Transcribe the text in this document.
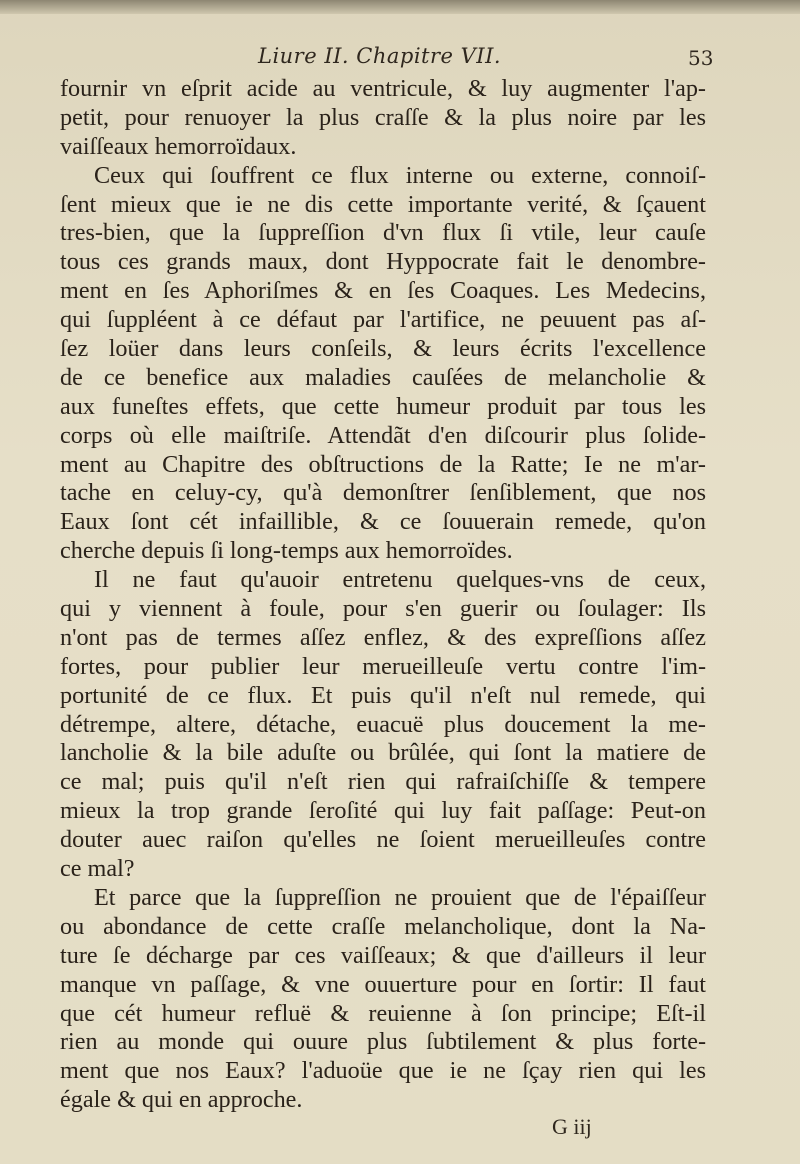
Liure II. Chapitre VII.	53
fournir vn eſprit acide au ventricule, & luy augmenter l'ap-
petit, pour renuoyer la plus craſſe & la plus noire par les
vaiſſeaux hemorroïdaux.
Ceux qui ſouffrent ce flux interne ou externe, connoiſ-
ſent mieux que ie ne dis cette importante verité, & ſçauent
tres-bien, que la ſuppreſſion d'vn flux ſi vtile, leur cauſe
tous ces grands maux, dont Hyppocrate fait le denombre-
ment en ſes Aphoriſmes & en ſes Coaques. Les Medecins,
qui ſuppléent à ce défaut par l'artifice, ne peuuent pas aſ-
ſez loüer dans leurs conſeils, & leurs écrits l'excellence
de ce benefice aux maladies cauſées de melancholie &
aux funeſtes effets, que cette humeur produit par tous les
corps où elle maiſtriſe. Attendãt d'en diſcourir plus ſolide-
ment au Chapitre des obſtructions de la Ratte; Ie ne m'ar-
tache en celuy-cy, qu'à demonſtrer ſenſiblement, que nos
Eaux ſont cét infaillible, & ce ſouuerain remede, qu'on
cherche depuis ſi long-temps aux hemorroïdes.
Il ne faut qu'auoir entretenu quelques-vns de ceux,
qui y viennent à foule, pour s'en guerir ou ſoulager: Ils
n'ont pas de termes aſſez enflez, & des expreſſions aſſez
fortes, pour publier leur merueilleuſe vertu contre l'im-
portunité de ce flux. Et puis qu'il n'eſt nul remede, qui
détrempe, altere, détache, euacuë plus doucement la me-
lancholie & la bile aduſte ou brûlée, qui ſont la matiere de
ce mal; puis qu'il n'eſt rien qui rafraiſchiſſe & tempere
mieux la trop grande ſeroſité qui luy fait paſſage: Peut-on
douter auec raiſon qu'elles ne ſoient merueilleuſes contre
ce mal?
Et parce que la ſuppreſſion ne prouient que de l'épaiſſeur
ou abondance de cette craſſe melancholique, dont la Na-
ture ſe décharge par ces vaiſſeaux; & que d'ailleurs il leur
manque vn paſſage, & vne ouuerture pour en ſortir: Il faut
que cét humeur refluë & reuienne à ſon principe; Eſt-il
rien au monde qui ouure plus ſubtilement & plus forte-
ment que nos Eaux? l'aduoüe que ie ne ſçay rien qui les
égale & qui en approche.
G iij
